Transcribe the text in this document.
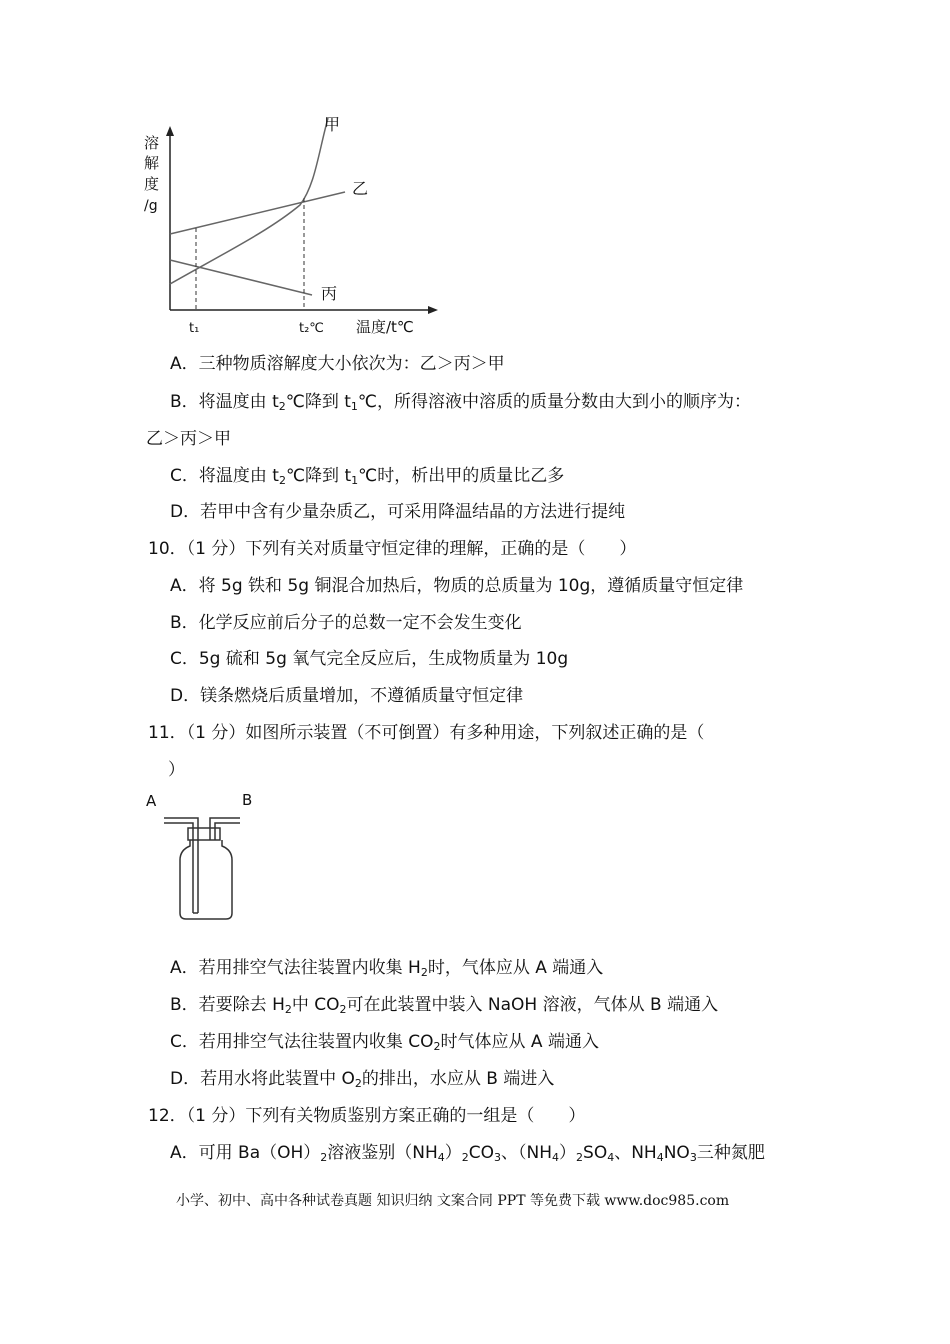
溶
解
度
/g
甲
乙
丙
t₁	t₂℃ 温度/t℃
A．三种物质溶解度大小依次为：乙＞丙＞甲
B．将温度由 $t_2℃$降到 $t_1℃$，所得溶液中溶质的质量分数由大到小的顺序为：
乙＞丙＞甲
C．将温度由 $t_2℃$降到 $t_1℃$时，析出甲的质量比乙多
D．若甲中含有少量杂质乙，可采用降温结晶的方法进行提纯
10．（1 分）下列有关对质量守恒定律的理解，正确的是（　　）
A．将 5g 铁和 5g 铜混合加热后，物质的总质量为 10g，遵循质量守恒定律
B．化学反应前后分子的总数一定不会发生变化
C．5g 硫和 5g 氧气完全反应后，生成物质量为 10g
D．镁条燃烧后质量增加，不遵循质量守恒定律
11．（1 分）如图所示装置（不可倒置）有多种用途，下列叙述正确的是（
）
A	B
A．若用排空气法往装置内收集 $H_2$时，气体应从 A 端通入
B．若要除去 $H_2$中 $CO_2$可在此装置中装入 NaOH 溶液，气体从 B 端通入
C．若用排空气法往装置内收集 $CO_2$时气体应从 A 端通入
D．若用水将此装置中 $O_2$的排出，水应从 B 端进入
12．（1 分）下列有关物质鉴别方案正确的一组是（　　）
A．可用 $Ba(OH)_2$溶液鉴别$(NH_4)_2CO_3$、$(NH_4)_2SO_4$、$NH_4NO_3$三种氮肥
小学、初中、高中各种试卷真题 知识归纳 文案合同 PPT 等免费下载 www.doc985.com
